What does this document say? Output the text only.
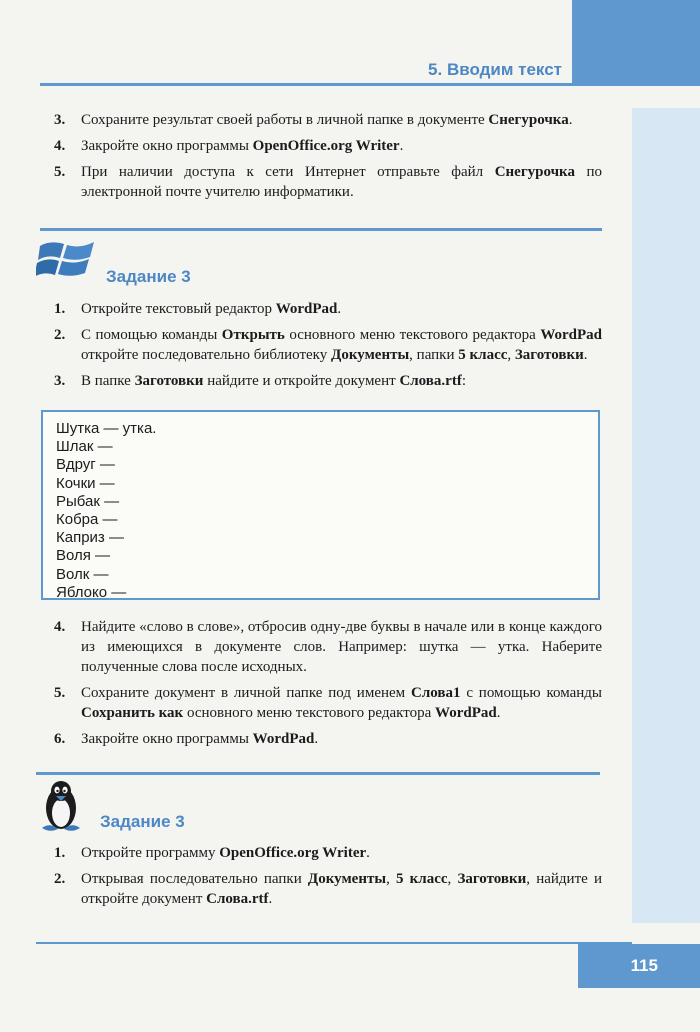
5. Вводим текст
3. Сохраните результат своей работы в личной папке в документе Снегурочка.
4. Закройте окно программы OpenOffice.org Writer.
5. При наличии доступа к сети Интернет отправьте файл Снегурочка по электронной почте учителю информатики.
Задание 3
1. Откройте текстовый редактор WordPad.
2. С помощью команды Открыть основного меню текстового редактора WordPad откройте последовательно библиотеку Документы, папки 5 класс, Заготовки.
3. В папке Заготовки найдите и откройте документ Слова.rtf:
Шутка — утка.
Шлак —
Вдруг —
Кочки —
Рыбак —
Кобра —
Каприз —
Воля —
Волк —
Яблоко —
4. Найдите «слово в слове», отбросив одну-две буквы в начале или в конце каждого из имеющихся в документе слов. Например: шутка — утка. Наберите полученные слова после исходных.
5. Сохраните документ в личной папке под именем Слова1 с помощью команды Сохранить как основного меню текстового редактора WordPad.
6. Закройте окно программы WordPad.
Задание 3
1. Откройте программу OpenOffice.org Writer.
2. Открывая последовательно папки Документы, 5 класс, Заготовки, найдите и откройте документ Слова.rtf.
115
